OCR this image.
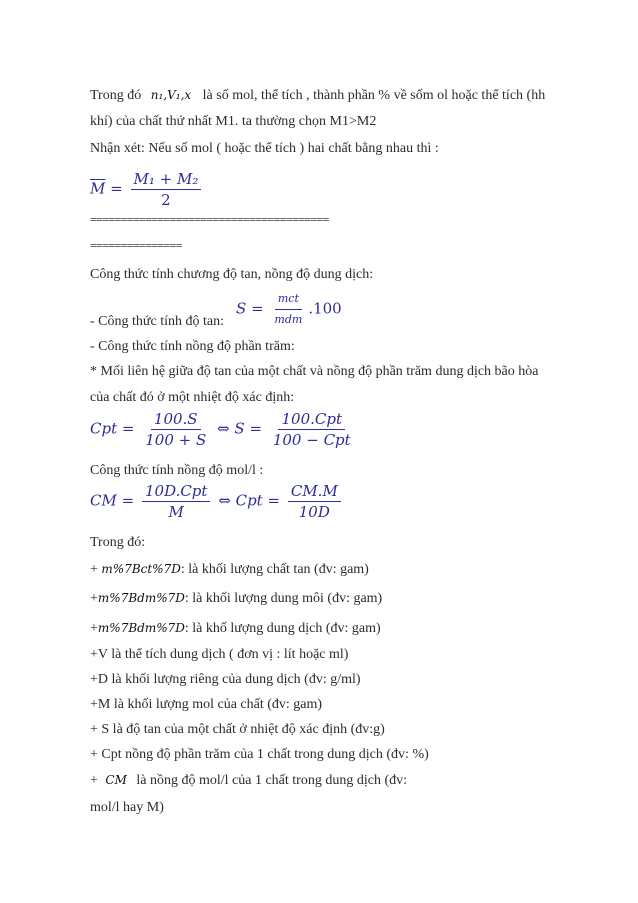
Trong đó n₁,V₁,x là số mol, thể tích , thành phần % về sốm ol hoặc thể tích (hh
khí) của chất thứ nhất M1. ta thường chọn M1>M2
Nhận xét: Nếu số mol ( hoặc thể tích ) hai chất bằng nhau thì :
$\overline{M} = \frac{\text{M₁ + M₂}}{2}$
=======================================
===============
Công thức tính chương độ tan, nồng độ dung dịch:
$S = \frac{\text{mct}}{\text{mdm}} .100$
- Công thức tính độ tan:
- Công thức tính nồng độ phần trăm:
* Mối liên hệ giữa độ tan của một chất và nồng độ phần trăm dung dịch bão hòa
của chất đó ở một nhiệt độ xác định:
Cpt = $\frac{100.S}{100 + S}$ ⇔ $S = \frac{\text{100.Cpt}}{\text{100 − Cpt}}$
Công thức tính nồng độ mol/l :
CM = $\frac{\text{10D.Cpt}}{M}$ ⇔ Cpt = $\frac{CM.M}{10D}$
Trong đó:
+ m%7Bct%7D: là khối lượng chất tan (đv: gam)
+m%7Bdm%7D: là khối lượng dung môi (đv: gam)
+m%7Bdm%7D: là khố lượng dung dịch (đv: gam)
+V là thể tích dung dịch ( đơn vị : lít hoặc ml)
+D là khối lượng riêng của dung dịch (đv: g/ml)
+M là khối lượng mol của chất (đv: gam)
+ S là độ tan của một chất ở nhiệt độ xác định (đv:g)
+ Cpt nồng độ phần trăm của 1 chất trong dung dịch (đv: %)
+ CM là nồng độ mol/l của 1 chất trong dung dịch (đv:
mol/l hay M)
